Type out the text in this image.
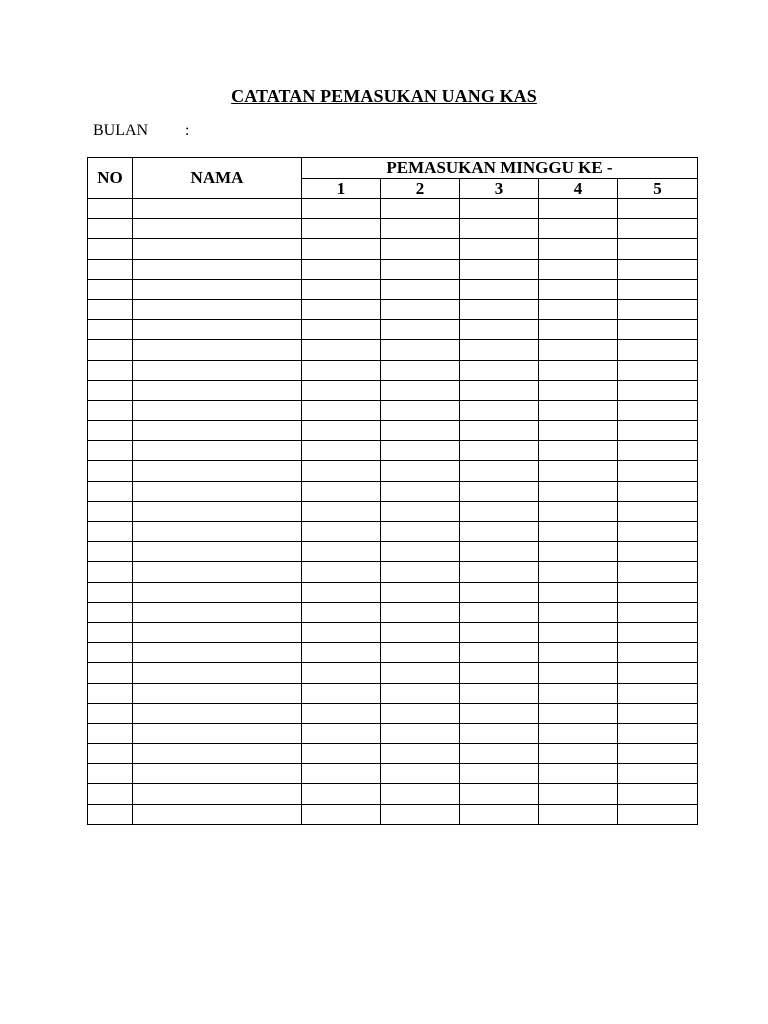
CATATAN PEMASUKAN UANG KAS
BULAN :
NO	NAMA	PEMASUKAN MINGGU KE -				
		1	2	3	4	5
